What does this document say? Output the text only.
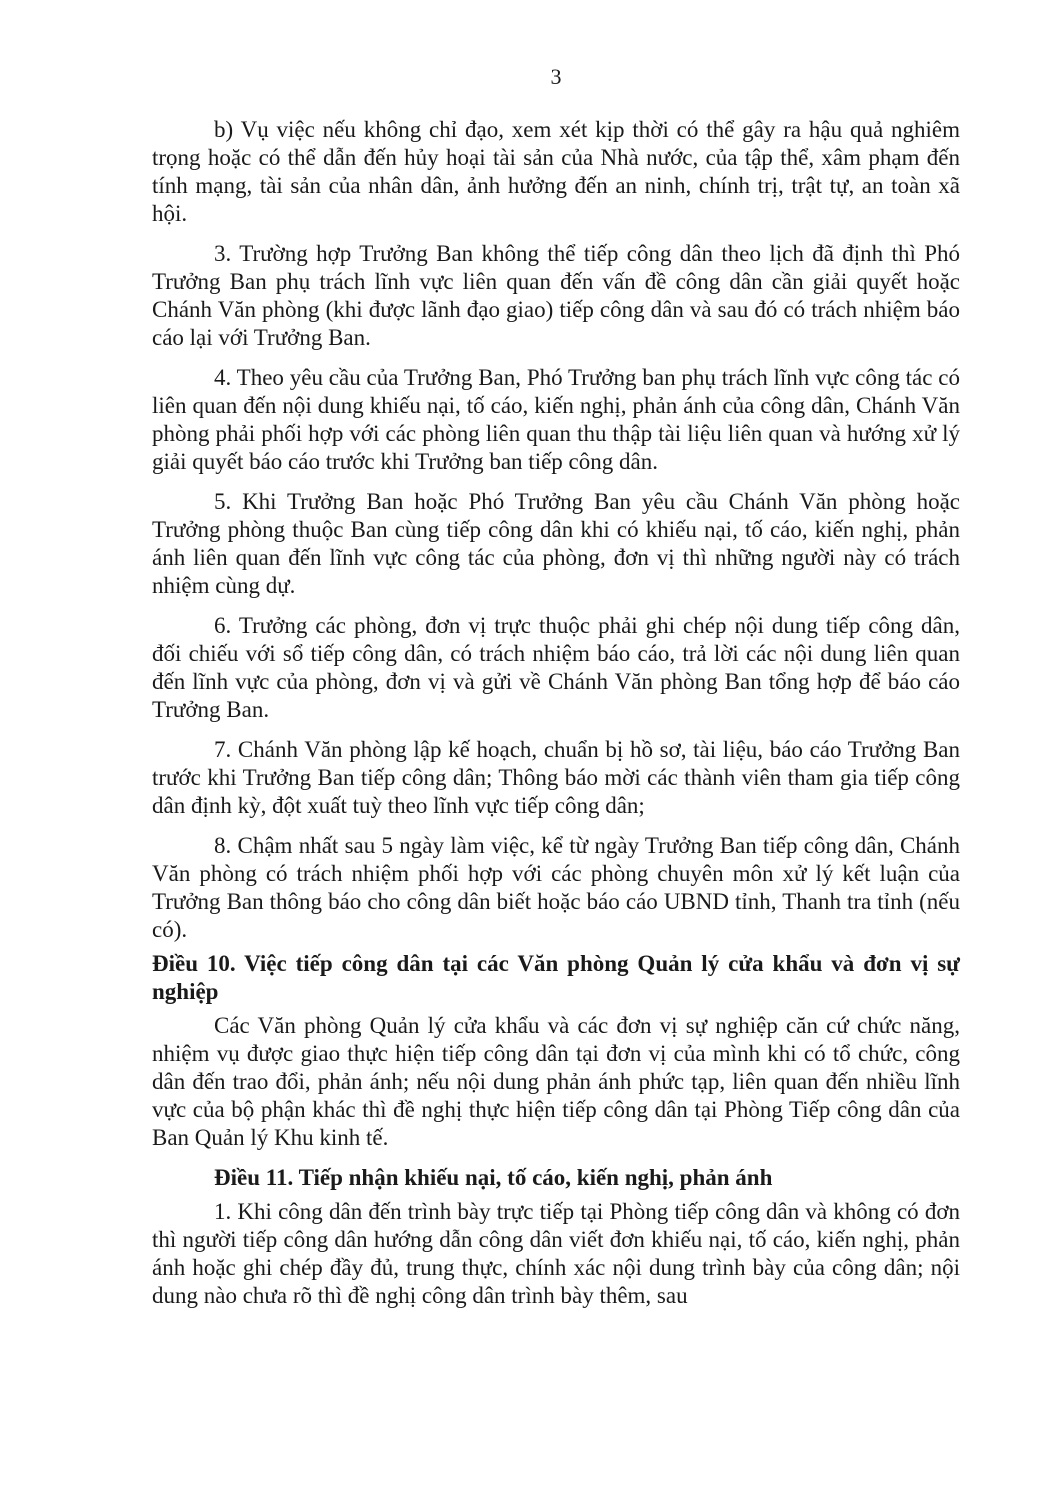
3

b) Vụ việc nếu không chỉ đạo, xem xét kịp thời có thể gây ra hậu quả nghiêm trọng hoặc có thể dẫn đến hủy hoại tài sản của Nhà nước, của tập thể, xâm phạm đến tính mạng, tài sản của nhân dân, ảnh hưởng đến an ninh, chính trị, trật tự, an toàn xã hội.

3. Trường hợp Trưởng Ban không thể tiếp công dân theo lịch đã định thì Phó Trưởng Ban phụ trách lĩnh vực liên quan đến vấn đề công dân cần giải quyết hoặc Chánh Văn phòng (khi được lãnh đạo giao) tiếp công dân và sau đó có trách nhiệm báo cáo lại với Trưởng Ban.

4. Theo yêu cầu của Trưởng Ban, Phó Trưởng ban phụ trách lĩnh vực công tác có liên quan đến nội dung khiếu nại, tố cáo, kiến nghị, phản ánh của công dân, Chánh Văn phòng phải phối hợp với các phòng liên quan thu thập tài liệu liên quan và hướng xử lý giải quyết báo cáo trước khi Trưởng ban tiếp công dân.

5. Khi Trưởng Ban hoặc Phó Trưởng Ban yêu cầu Chánh Văn phòng hoặc Trưởng phòng thuộc Ban cùng tiếp công dân khi có khiếu nại, tố cáo, kiến nghị, phản ánh liên quan đến lĩnh vực công tác của phòng, đơn vị thì những người này có trách nhiệm cùng dự.

6. Trưởng các phòng, đơn vị trực thuộc phải ghi chép nội dung tiếp công dân, đối chiếu với sổ tiếp công dân, có trách nhiệm báo cáo, trả lời các nội dung liên quan đến lĩnh vực của phòng, đơn vị và gửi về Chánh Văn phòng Ban tổng hợp để báo cáo Trưởng Ban.

7. Chánh Văn phòng lập kế hoạch, chuẩn bị hồ sơ, tài liệu, báo cáo Trưởng Ban trước khi Trưởng Ban tiếp công dân; Thông báo mời các thành viên tham gia tiếp công dân định kỳ, đột xuất tuỳ theo lĩnh vực tiếp công dân;

8. Chậm nhất sau 5 ngày làm việc, kể từ ngày Trưởng Ban tiếp công dân, Chánh Văn phòng có trách nhiệm phối hợp với các phòng chuyên môn xử lý kết luận của Trưởng Ban thông báo cho công dân biết hoặc báo cáo UBND tỉnh, Thanh tra tỉnh (nếu có).

Điều 10. Việc tiếp công dân tại các Văn phòng Quản lý cửa khẩu và đơn vị sự nghiệp

Các Văn phòng Quản lý cửa khẩu và các đơn vị sự nghiệp căn cứ chức năng, nhiệm vụ được giao thực hiện tiếp công dân tại đơn vị của mình khi có tổ chức, công dân đến trao đổi, phản ánh; nếu nội dung phản ánh phức tạp, liên quan đến nhiều lĩnh vực của bộ phận khác thì đề nghị thực hiện tiếp công dân tại Phòng Tiếp công dân của Ban Quản lý Khu kinh tế.

Điều 11. Tiếp nhận khiếu nại, tố cáo, kiến nghị, phản ánh

1. Khi công dân đến trình bày trực tiếp tại Phòng tiếp công dân và không có đơn thì người tiếp công dân hướng dẫn công dân viết đơn khiếu nại, tố cáo, kiến nghị, phản ánh hoặc ghi chép đầy đủ, trung thực, chính xác nội dung trình bày của công dân; nội dung nào chưa rõ thì đề nghị công dân trình bày thêm, sau
